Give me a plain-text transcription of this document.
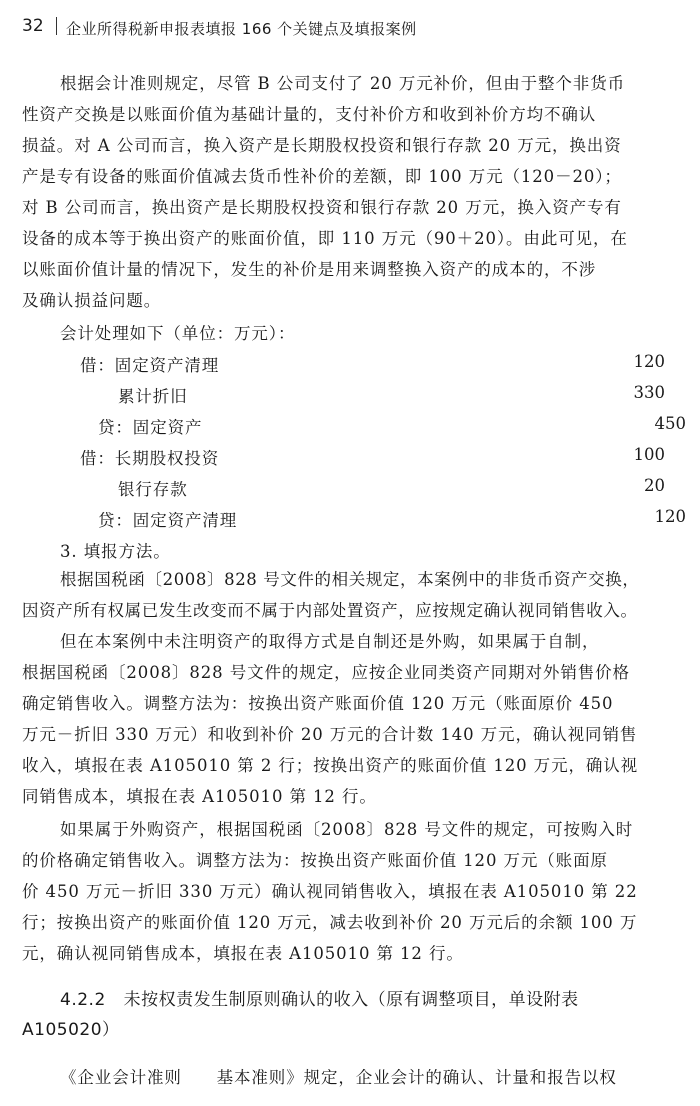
32 企业所得税新申报表填报 166 个关键点及填报案例
根据会计准则规定，尽管 B 公司支付了 20 万元补价，但由于整个非货币
性资产交换是以账面价值为基础计量的，支付补价方和收到补价方均不确认
损益。对 A 公司而言，换入资产是长期股权投资和银行存款 20 万元，换出资
产是专有设备的账面价值减去货币性补价的差额，即 100 万元（120－20）；
对 B 公司而言，换出资产是长期股权投资和银行存款 20 万元，换入资产专有
设备的成本等于换出资产的账面价值，即 110 万元（90＋20）。由此可见，在
以账面价值计量的情况下，发生的补价是用来调整换入资产的成本的，不涉
及确认损益问题。
会计处理如下（单位：万元）：
借：固定资产清理	120
累计折旧	330
贷：固定资产	450
借：长期股权投资	100
银行存款	20
贷：固定资产清理	120
3. 填报方法。
根据国税函〔2008〕828 号文件的相关规定，本案例中的非货币资产交换，
因资产所有权属已发生改变而不属于内部处置资产，应按规定确认视同销售收入。
但在本案例中未注明资产的取得方式是自制还是外购，如果属于自制，
根据国税函〔2008〕828 号文件的规定，应按企业同类资产同期对外销售价格
确定销售收入。调整方法为：按换出资产账面价值 120 万元（账面原价 450
万元－折旧 330 万元）和收到补价 20 万元的合计数 140 万元，确认视同销售
收入，填报在表 A105010 第 2 行；按换出资产的账面价值 120 万元，确认视
同销售成本，填报在表 A105010 第 12 行。
如果属于外购资产，根据国税函〔2008〕828 号文件的规定，可按购入时
的价格确定销售收入。调整方法为：按换出资产账面价值 120 万元（账面原
价 450 万元－折旧 330 万元）确认视同销售收入，填报在表 A105010 第 22
行；按换出资产的账面价值 120 万元，减去收到补价 20 万元后的余额 100 万
元，确认视同销售成本，填报在表 A105010 第 12 行。
4.2.2 未按权责发生制原则确认的收入（原有调整项目，单设附表
A105020）
《企业会计准则　　基本准则》规定，企业会计的确认、计量和报告以权
